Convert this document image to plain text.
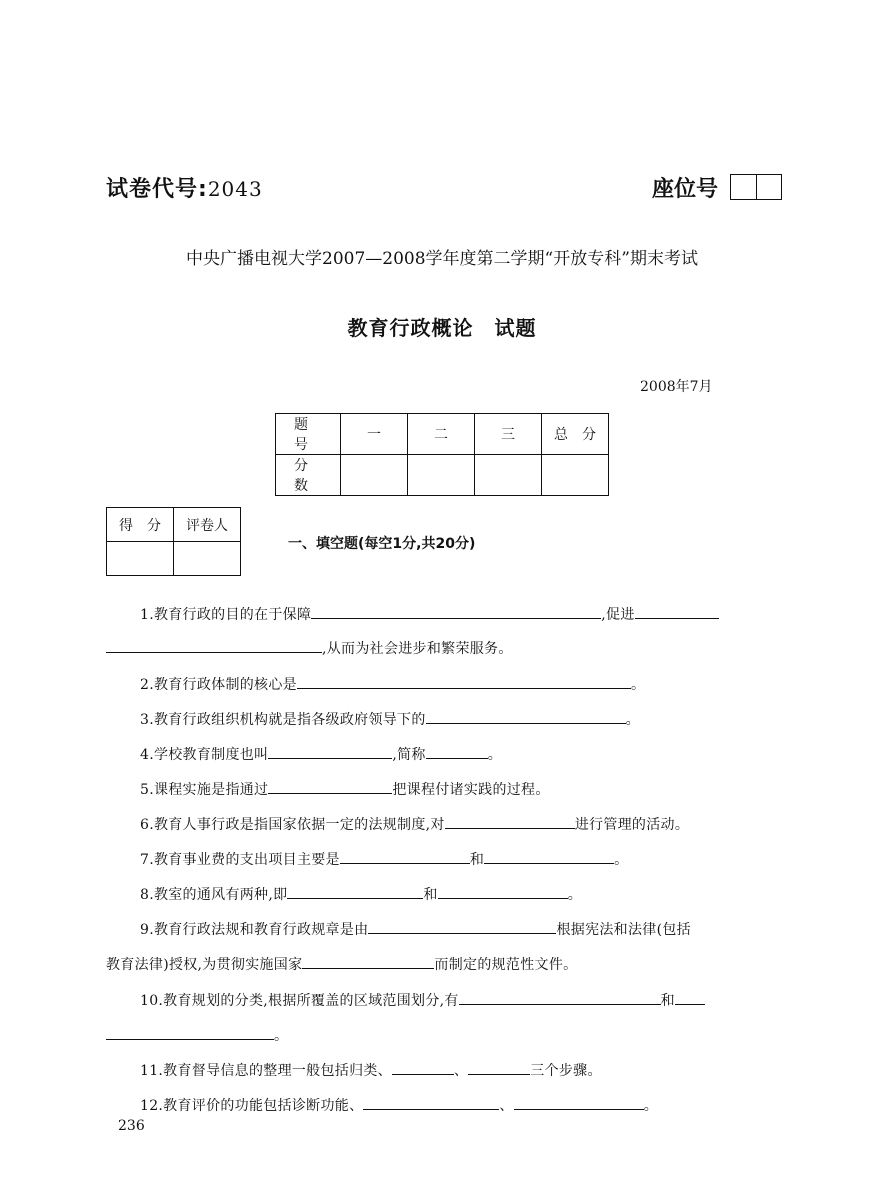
试卷代号:2043	座位号
中央广播电视大学2007—2008学年度第二学期“开放专科”期末考试
教育行政概论　试题
2008年7月
题　号	一	二	三	总　分
分　数				
得　分	评卷人

一、填空题(每空1分,共20分)
1.教育行政的目的在于保障	,促进
,从而为社会进步和繁荣服务。
2.教育行政体制的核心是	。
3.教育行政组织机构就是指各级政府领导下的	。
4.学校教育制度也叫	,简称	。
5.课程实施是指通过	把课程付诸实践的过程。
6.教育人事行政是指国家依据一定的法规制度,对	进行管理的活动。
7.教育事业费的支出项目主要是	和	。
8.教室的通风有两种,即	和	。
9.教育行政法规和教育行政规章是由	根据宪法和法律(包括
教育法律)授权,为贯彻实施国家	而制定的规范性文件。
10.教育规划的分类,根据所覆盖的区域范围划分,有	和
。
11.教育督导信息的整理一般包括归类、	、	三个步骤。
12.教育评价的功能包括诊断功能、	、	。
236
